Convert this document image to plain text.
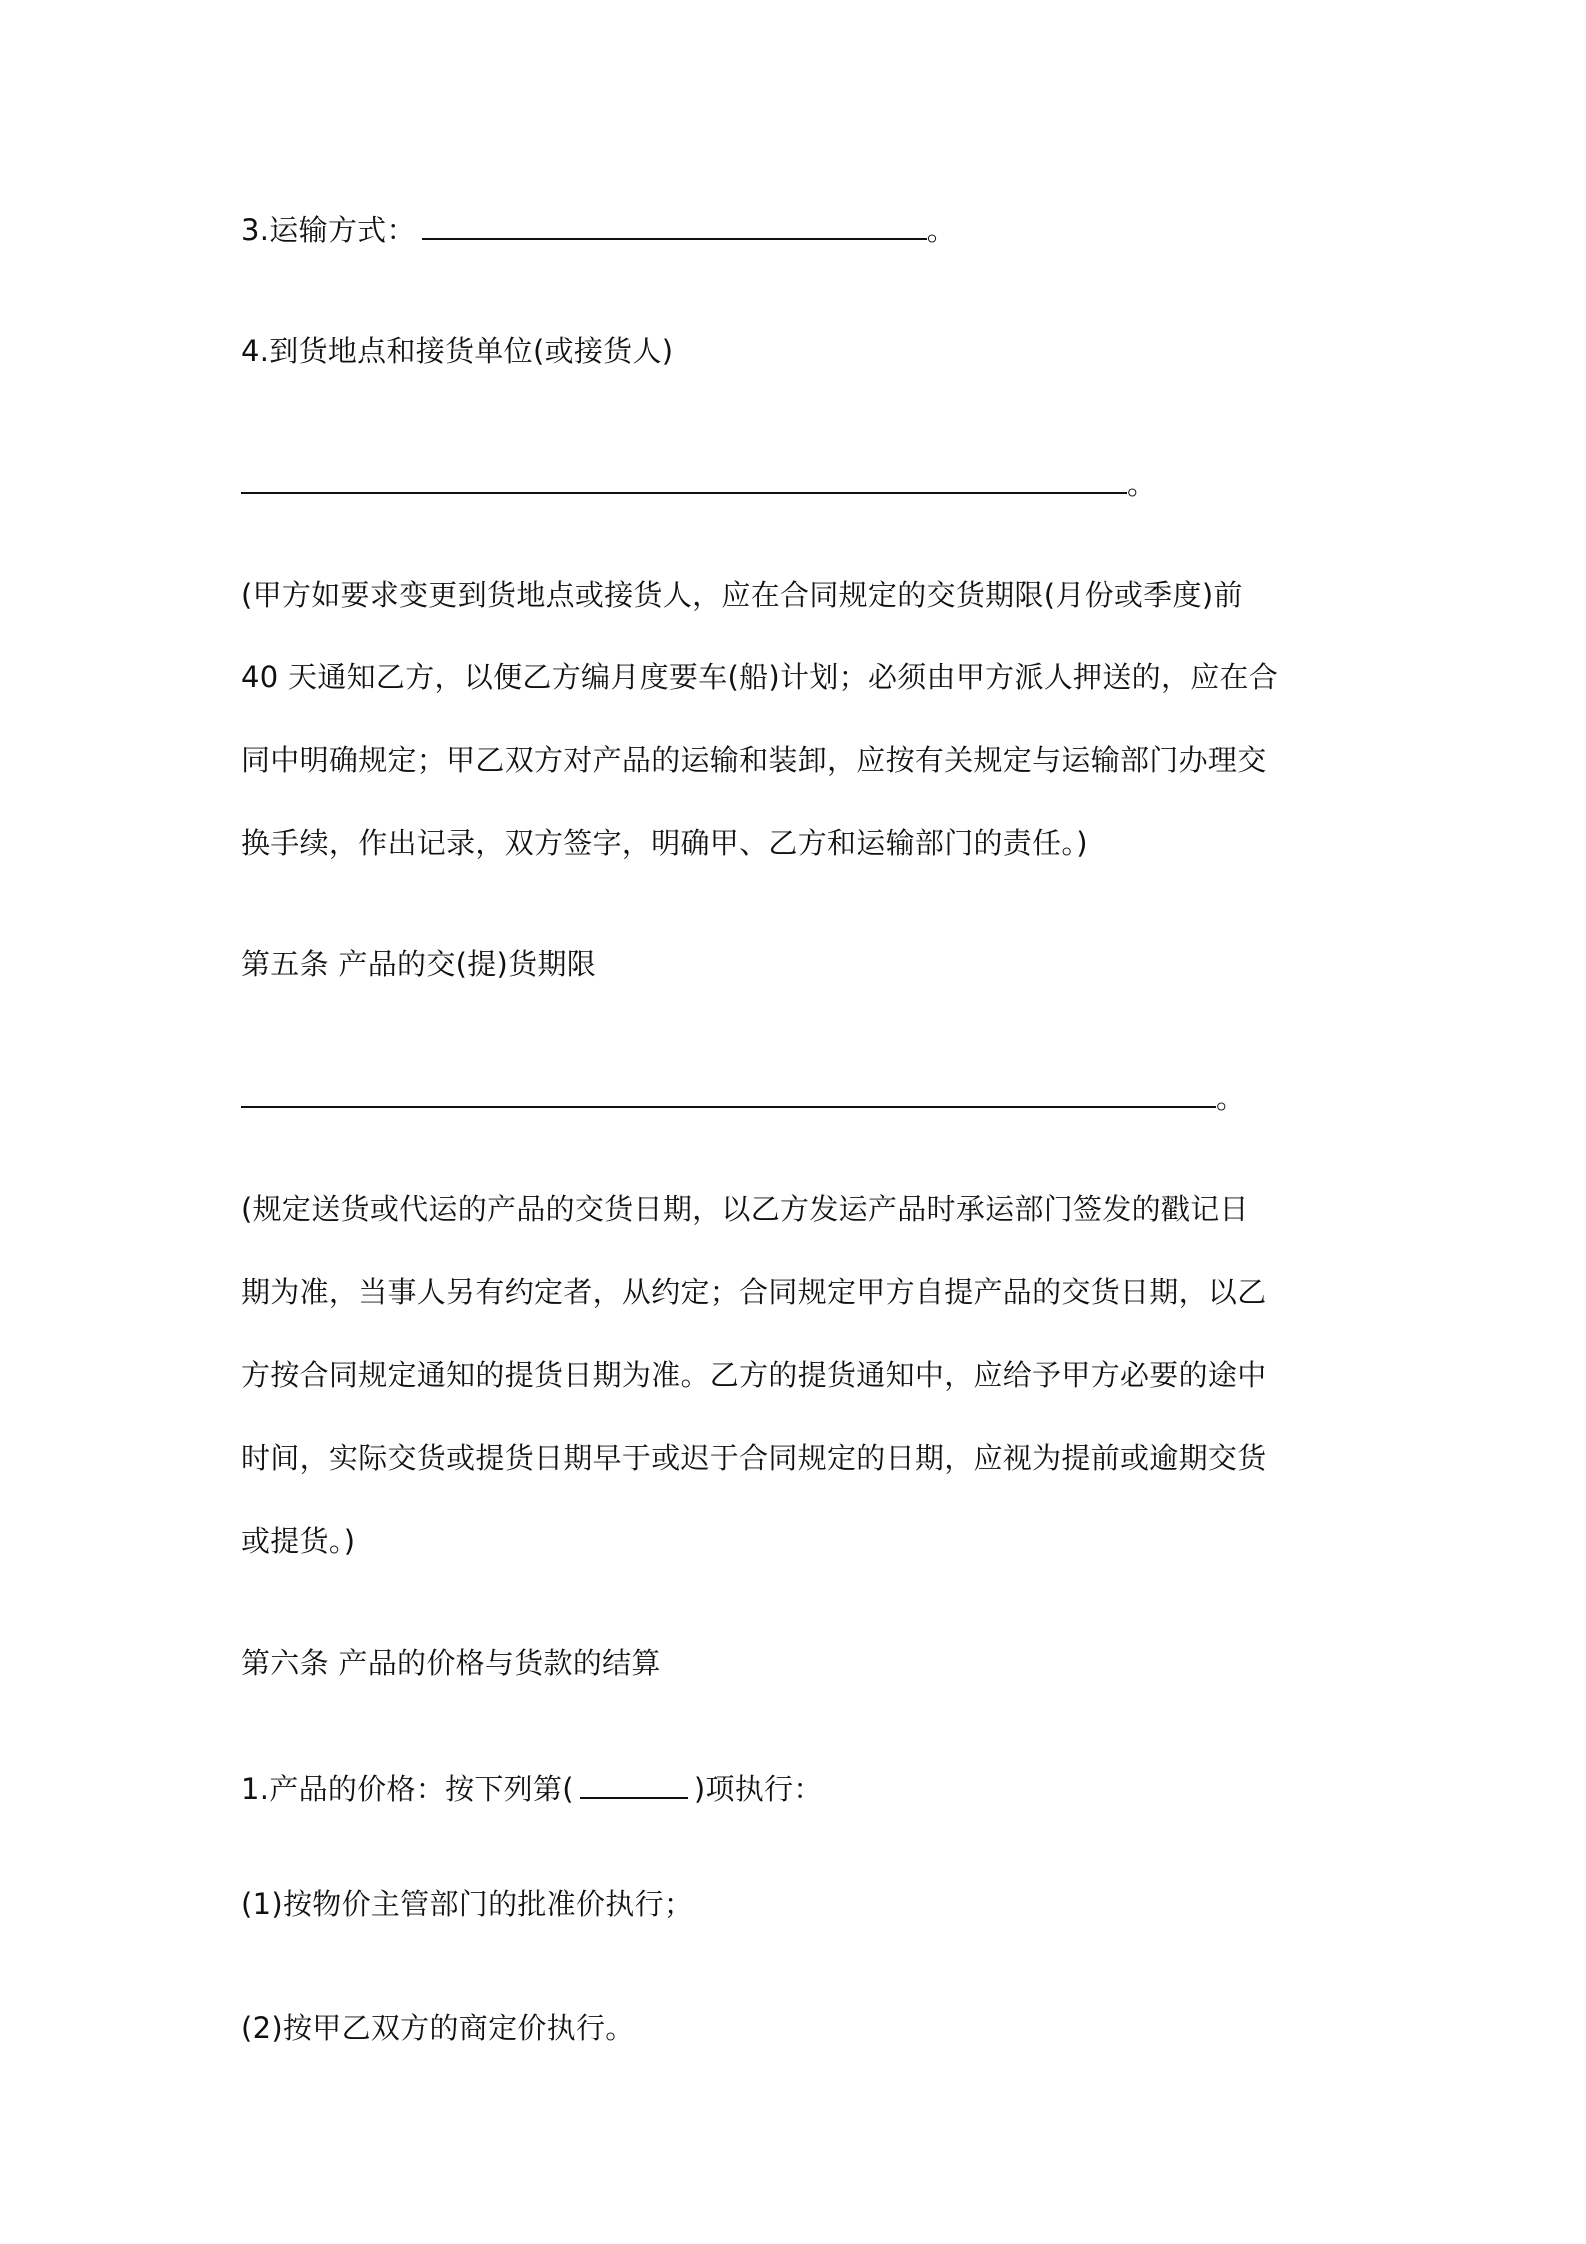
3.运输方式：	。

4.到货地点和接货单位(或接货人)

。

(甲方如要求变更到货地点或接货人，应在合同规定的交货期限(月份或季度)前

40 天通知乙方，以便乙方编月度要车(船)计划；必须由甲方派人押送的，应在合

同中明确规定；甲乙双方对产品的运输和装卸，应按有关规定与运输部门办理交

换手续，作出记录，双方签字，明确甲、乙方和运输部门的责任。)

第五条 产品的交(提)货期限

。

(规定送货或代运的产品的交货日期，以乙方发运产品时承运部门签发的戳记日

期为准，当事人另有约定者，从约定；合同规定甲方自提产品的交货日期，以乙

方按合同规定通知的提货日期为准。乙方的提货通知中，应给予甲方必要的途中

时间，实际交货或提货日期早于或迟于合同规定的日期，应视为提前或逾期交货

或提货。)

第六条 产品的价格与货款的结算

1.产品的价格：按下列第(	)项执行：

(1)按物价主管部门的批准价执行；

(2)按甲乙双方的商定价执行。
